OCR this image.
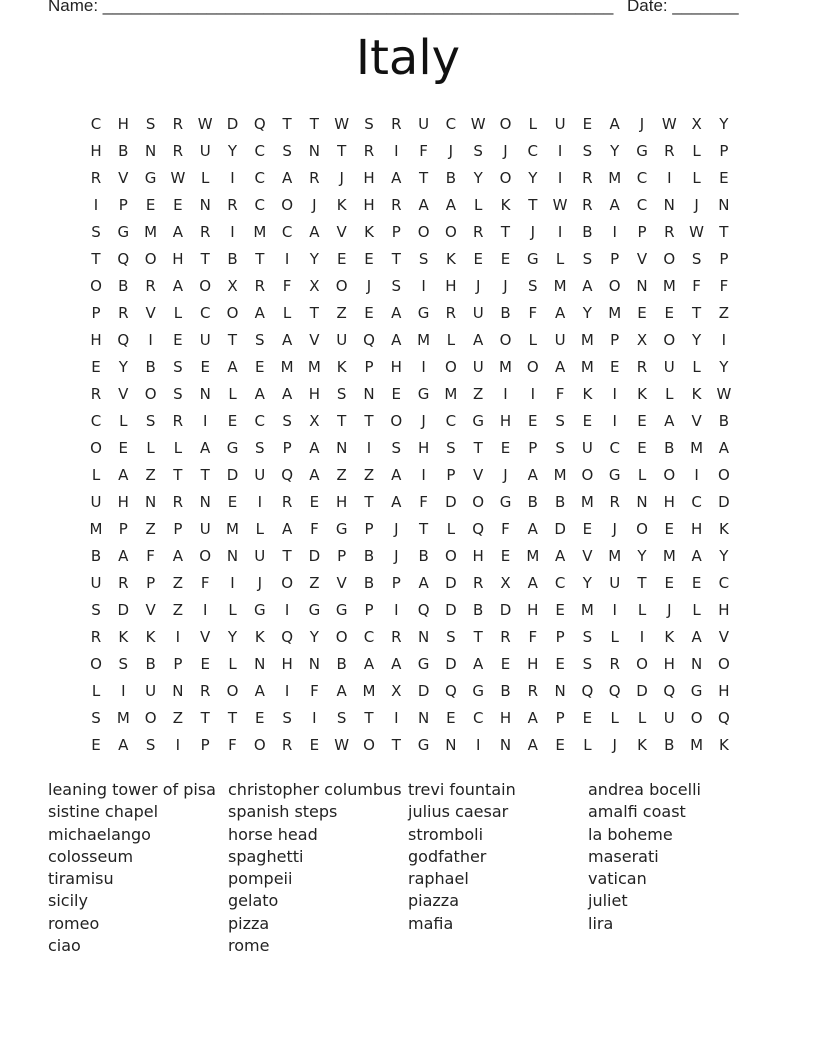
Name: ______________________________________________________ Date: _______
Italy
C	H	S	R W D	Q	T	T	W	S	R	U	C W O	L	U	E	A	J	W X	Y
H	B	N	R	U	Y	C	S	N	T	R	I	F	J	S	J	C	I	S	Y	G	R	L	P
R	V	G W	L	I	C	A	R	J	H	A	T	B	Y	O	Y	I	R	M	C	I	L	E
I	P	E	E	N	R	C	O	J	K	H	R	A	A	L	K	T	W R	A	C	N	J	N
S	G	M	A	R	I	M	C	A	V	K	P	O	O	R	T	J	I	B	I	P	R W	T
T	Q	O	H	T	B	T	I	Y	E	E	T	S	K	E	E	G	L	S	P	V	O	S	P
O	B	R	A	O	X	R	F	X	O	J	S	I	H	J	J	S	M	A	O	N	M	F	F
P	R	V	L	C	O	A	L	T	Z	E	A	G	R	U	B	F	A	Y	M	E	E	T	Z
H	Q	I	E	U	T	S	A	V	U	Q	A	M	L	A	O	L	U	M	P	X	O	Y	I
E	Y	B	S	E	A	E	M M	K	P	H	I	O	U	M O	A	M	E	R	U	L	Y
R	V	O	S	N	L	A	A	H	S	N	E	G	M	Z	I	I	F	K	I	K	L	K W
C	L	S	R	I	E	C	S	X	T	T	O	J	C	G	H	E	S	E	I	E	A	V	B
O	E	L	L	A	G	S	P	A	N	I	S	H	S	T	E	P	S	U	C	E	B	M	A
L	A	Z	T	T	D	U	Q	A	Z	Z	A	I	P	V	J	A	M O	G	L	O	I	O
U	H	N	R	N	E	I	R	E	H	T	A	F	D	O	G	B	B	M	R	N	H	C	D
M	P	Z	P	U	M	L	A	F	G	P	J	T	L	Q	F	A	D	E	J	O	E	H	K
B	A	F	A	O	N	U	T	D	P	B	J	B	O	H	E	M	A	V	M	Y	M	A	Y
U	R	P	Z	F	I	J	O	Z	V	B	P	A	D	R	X	A	C	Y	U	T	E	E	C
S	D	V	Z	I	L	G	I	G	G	P	I	Q	D	B	D	H	E	M	I	L	J	L	H
R	K	K	I	V	Y	K	Q	Y	O	C	R	N	S	T	R	F	P	S	L	I	K	A	V
O	S	B	P	E	L	N	H	N	B	A	A	G	D	A	E	H	E	S	R	O	H	N	O
L	I	U	N	R	O	A	I	F	A	M	X	D	Q	G	B	R	N	Q	Q	D	Q	G	H
S	M O	Z	T	T	E	S	I	S	T	I	N	E	C	H	A	P	E	L	L	U	O	Q
E	A	S	I	P	F	O	R	E	W O	T	G	N	I	N	A	E	L	J	K	B	M	K
leaning tower of pisa
sistine chapel
michaelango
colosseum
tiramisu
sicily
romeo
ciao
christopher columbus
spanish steps
horse head
spaghetti
pompeii
gelato
pizza
rome
trevi fountain
julius caesar
stromboli
godfather
raphael
piazza
mafia
andrea bocelli
amalfi coast
la boheme
maserati
vatican
juliet
lira
